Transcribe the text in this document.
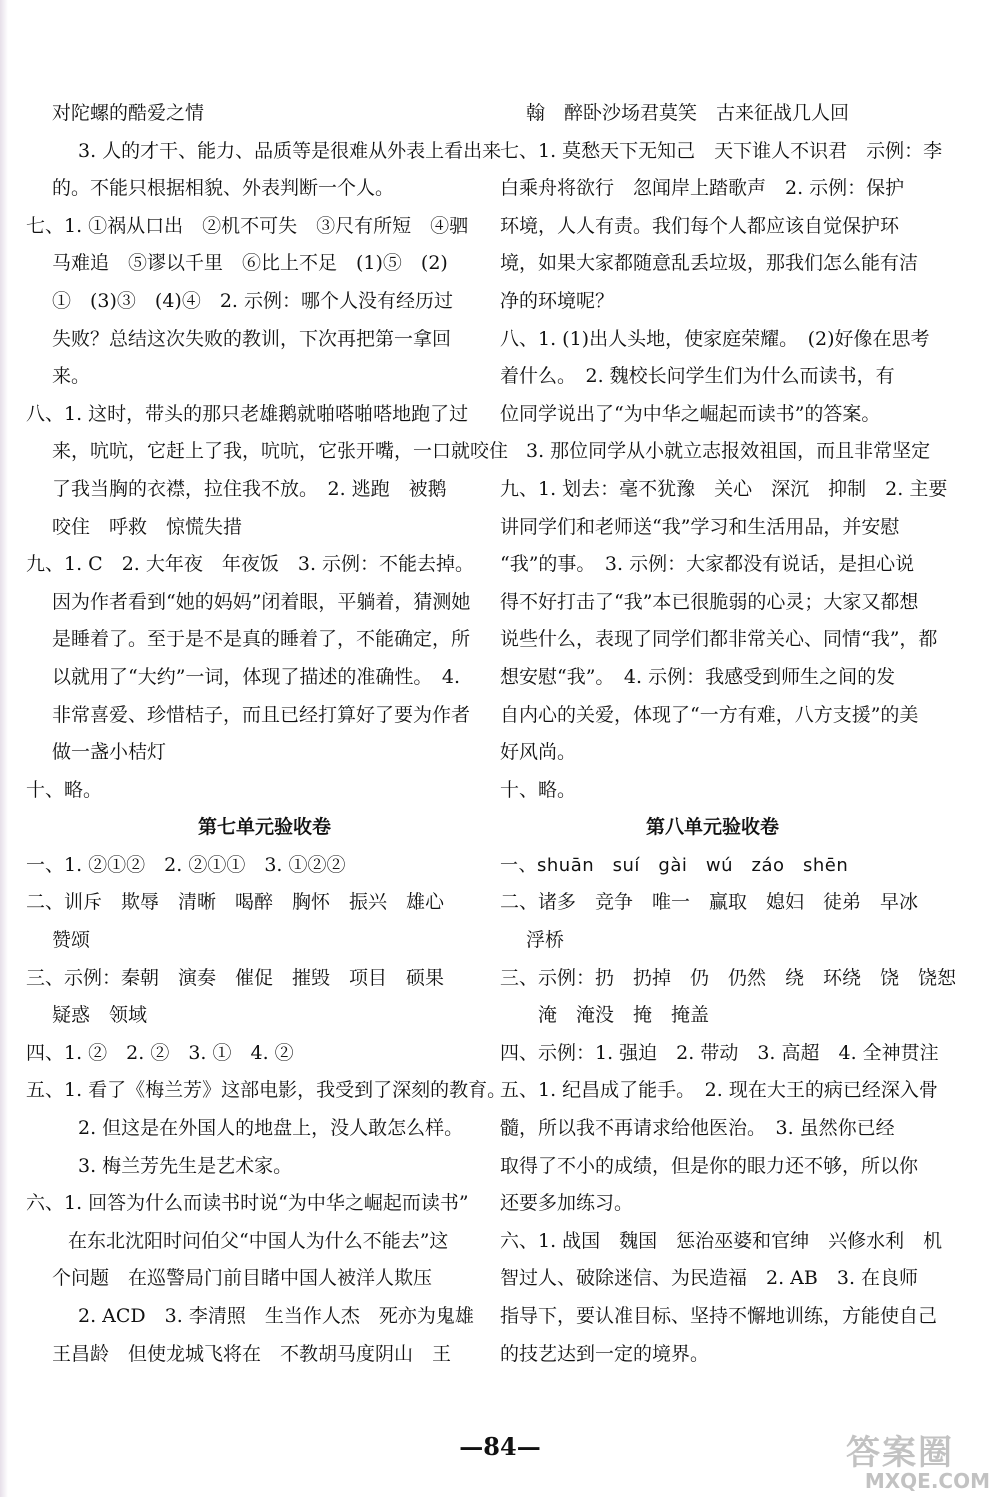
对陀螺的酷爱之情
3. 人的才干、能力、品质等是很难从外表上看出来
的。不能只根据相貌、外表判断一个人。
七、1. ①祸从口出　②机不可失　③尺有所短　④驷
马难追　⑤谬以千里　⑥比上不足　(1)⑤　(2)
①　(3)③　(4)④　2. 示例：哪个人没有经历过
失败？总结这次失败的教训，下次再把第一拿回
来。
八、1. 这时，带头的那只老雄鹅就啪嗒啪嗒地跑了过
来，吭吭，它赶上了我，吭吭，它张开嘴，一口就咬住
了我当胸的衣襟，拉住我不放。　2. 逃跑　被鹅
咬住　呼救　惊慌失措
九、1. C　2. 大年夜　年夜饭　3. 示例：不能去掉。
因为作者看到“她的妈妈”闭着眼，平躺着，猜测她
是睡着了。至于是不是真的睡着了，不能确定，所
以就用了“大约”一词，体现了描述的准确性。　4.
非常喜爱、珍惜桔子，而且已经打算好了要为作者
做一盏小桔灯
十、略。
第七单元验收卷
一、1. ②①②　2. ②①①　3. ①②②
二、训斥　欺辱　清晰　喝醉　胸怀　振兴　雄心
赞颂
三、示例：秦朝　演奏　催促　摧毁　项目　硕果
疑惑　领域
四、1. ②　2. ②　3. ①　4. ②
五、1. 看了《梅兰芳》这部电影，我受到了深刻的教育。
2. 但这是在外国人的地盘上，没人敢怎么样。
3. 梅兰芳先生是艺术家。
六、1. 回答为什么而读书时说“为中华之崛起而读书”
在东北沈阳时问伯父“中国人为什么不能去”这
个问题　在巡警局门前目睹中国人被洋人欺压
2. ACD　3. 李清照　生当作人杰　死亦为鬼雄
王昌龄　但使龙城飞将在　不教胡马度阴山　王
翰　醉卧沙场君莫笑　古来征战几人回
七、1. 莫愁天下无知己　天下谁人不识君　示例：李
白乘舟将欲行　忽闻岸上踏歌声　2. 示例：保护
环境，人人有责。我们每个人都应该自觉保护环
境，如果大家都随意乱丢垃圾，那我们怎么能有洁
净的环境呢？
八、1. (1)出人头地，使家庭荣耀。　(2)好像在思考
着什么。　2. 魏校长问学生们为什么而读书，有
位同学说出了“为中华之崛起而读书”的答案。
3. 那位同学从小就立志报效祖国，而且非常坚定
九、1. 划去：毫不犹豫　关心　深沉　抑制　2. 主要
讲同学们和老师送“我”学习和生活用品，并安慰
“我”的事。　3. 示例：大家都没有说话，是担心说
得不好打击了“我”本已很脆弱的心灵；大家又都想
说些什么，表现了同学们都非常关心、同情“我”，都
想安慰“我”。　4. 示例：我感受到师生之间的发
自内心的关爱，体现了“一方有难，八方支援”的美
好风尚。
十、略。
第八单元验收卷
一、shuān　suí　gài　wú　záo　shēn
二、诸多　竞争　唯一　赢取　媳妇　徒弟　早冰
浮桥
三、示例：扔　扔掉　仍　仍然　绕　环绕　饶　饶恕
淹　淹没　掩　掩盖
四、示例：1. 强迫　2. 带动　3. 高超　4. 全神贯注
五、1. 纪昌成了能手。　2. 现在大王的病已经深入骨
髓，所以我不再请求给他医治。　3. 虽然你已经
取得了不小的成绩，但是你的眼力还不够，所以你
还要多加练习。
六、1. 战国　魏国　惩治巫婆和官绅　兴修水利　机
智过人、破除迷信、为民造福　2. AB　3. 在良师
指导下，要认准目标、坚持不懈地训练，方能使自己
的技艺达到一定的境界。
—84—	答案圈
MXQE.COM
